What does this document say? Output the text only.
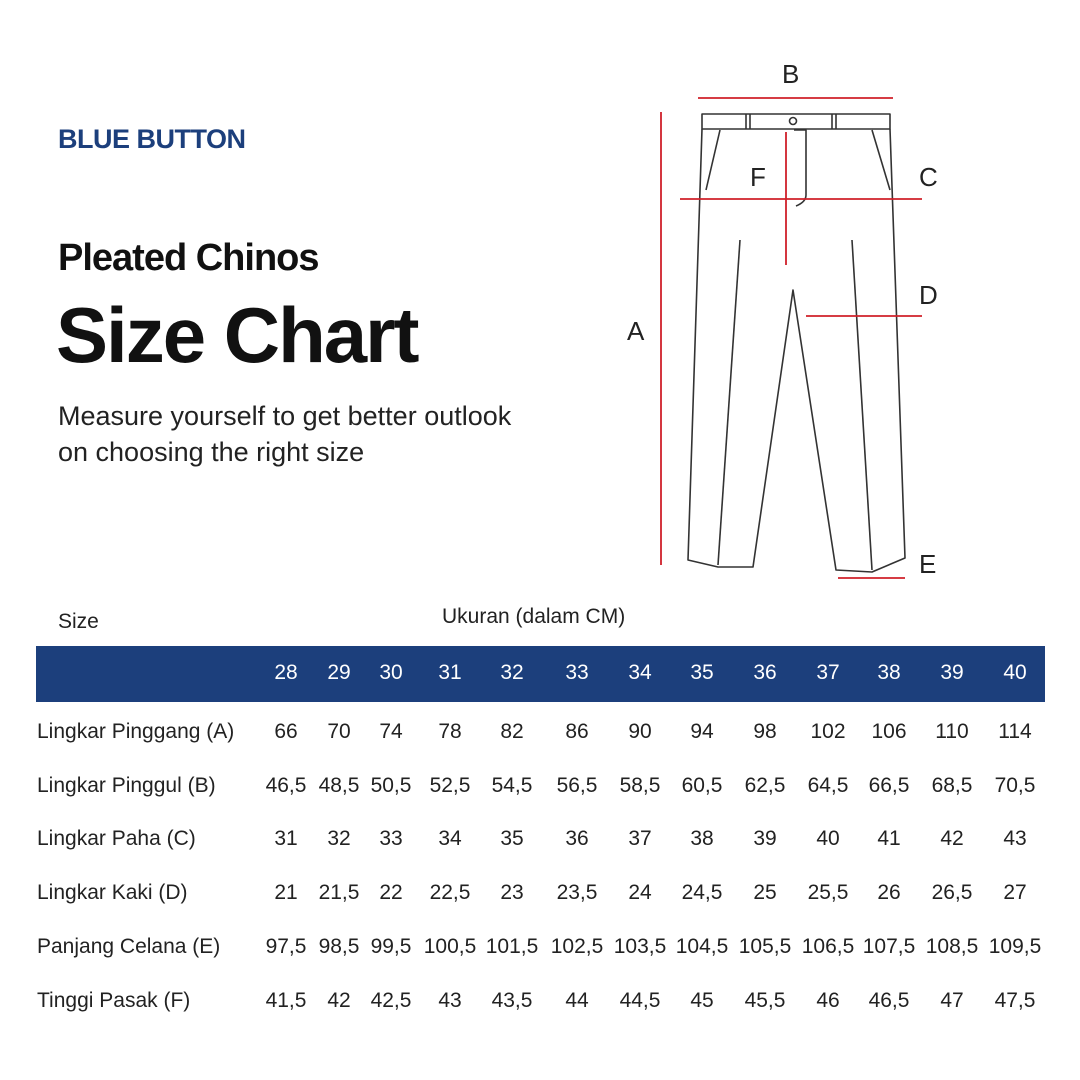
BLUE BUTTON
Pleated Chinos
Size Chart
Measure yourself to get better outlook on choosing the right size
A
B
C
D
E
F
Size	Ukuran (dalam CM)
28	29	30	31	32	33	34	35	36	37	38	39	40
Lingkar Pinggang (A)	66	70	74	78	82	86	90	94	98	102	106	110	114
Lingkar Pinggul (B)	46,5 48,5 50,5 52,5	54,5	56,5	58,5	60,5	62,5	64,5 66,5	68,5	70,5
Lingkar Paha (C)	31	32	33	34	35	36	37	38	39	40	41	42	43
Lingkar Kaki (D)	21 21,5 22	22,5	23	23,5	24	24,5	25	25,5	26	26,5	27
Panjang Celana (E)	97,5 98,5 99,5 100,5 101,5 102,5 103,5 104,5 105,5 106,5 107,5 108,5 109,5
Tinggi Pasak (F)	41,5 42 42,5	43	43,5	44	44,5	45	45,5	46	46,5	47	47,5
